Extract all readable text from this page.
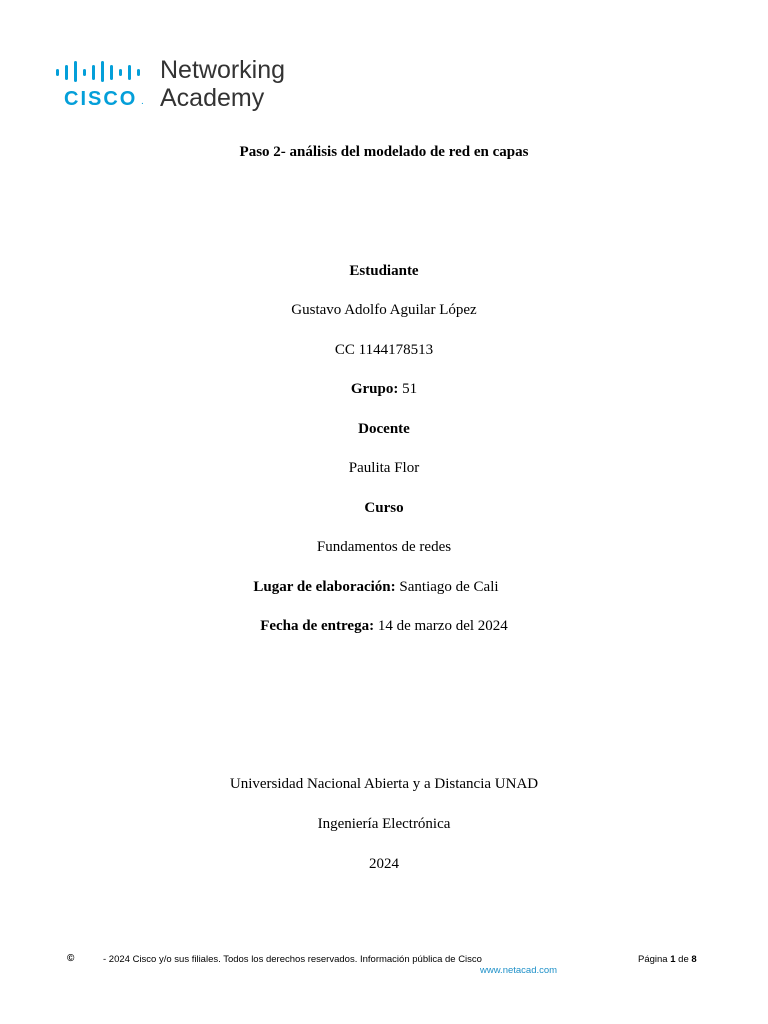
CISCO .
Networking
Academy
Paso 2- análisis del modelado de red en capas
Estudiante
Gustavo Adolfo Aguilar López
CC 1144178513
Grupo: 51
Docente
Paulita Flor
Curso
Fundamentos de redes
Lugar de elaboración: Santiago de Cali
Fecha de entrega: 14 de marzo del 2024
Universidad Nacional Abierta y a Distancia UNAD
Ingeniería Electrónica
2024
©	- 2024 Cisco y/o sus filiales. Todos los derechos reservados. Información pública de Cisco	Página 1 de 8
www.netacad.com
